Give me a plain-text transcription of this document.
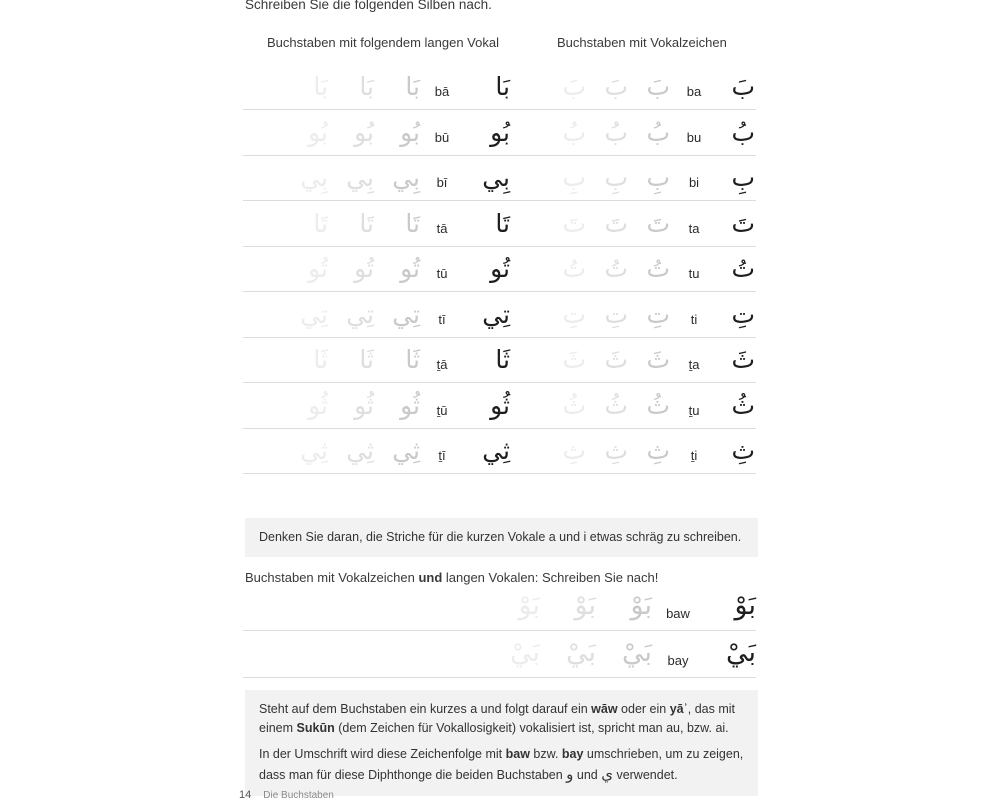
Schreiben Sie die folgenden Silben nach.
Buchstaben mit folgendem langen Vokal	Buchstaben mit Vokalzeichen
بَ
ba
بَ
بَ
بَ
بَا
bā
بَا
بَا
بَا
بُ
bu
بُ
بُ
بُ
بُو
bū
بُو
بُو
بُو
بِ
bi
بِ
بِ
بِ
بِي
bī
بِي
بِي
بِي
تَ
ta
تَ
تَ
تَ
تَا
tā
تَا
تَا
تَا
تُ
tu
تُ
تُ
تُ
تُو
tū
تُو
تُو
تُو
تِ
ti
تِ
تِ
تِ
تِي
tī
تِي
تِي
تِي
ثَ
ṯa
ثَ
ثَ
ثَ
ثَا
ṯā
ثَا
ثَا
ثَا
ثُ
ṯu
ثُ
ثُ
ثُ
ثُو
ṯū
ثُو
ثُو
ثُو
ثِ
ṯi
ثِ
ثِ
ثِ
ثِي
ṯī
ثِي
ثِي
ثِي
Denken Sie daran, die Striche für die kurzen Vokale a und i etwas schräg zu schreiben.
Buchstaben mit Vokalzeichen und langen Vokalen: Schreiben Sie nach!
بَوْ
baw
بَوْ
بَوْ
بَوْ
بَيْ
bay
بَيْ
بَيْ
بَيْ

Steht auf dem Buchstaben ein kurzes a und folgt darauf ein wāw oder ein yāʾ, das mit einem Sukūn (dem Zeichen für Vokallosigkeit) vokalisiert ist, spricht man au, bzw. ai.

In der Umschrift wird diese Zeichenfolge mit baw bzw. bay umschrieben, um zu zeigen, dass man für diese Diphthonge die beiden Buchstaben و und ي verwendet.

14 Die Buchstaben
